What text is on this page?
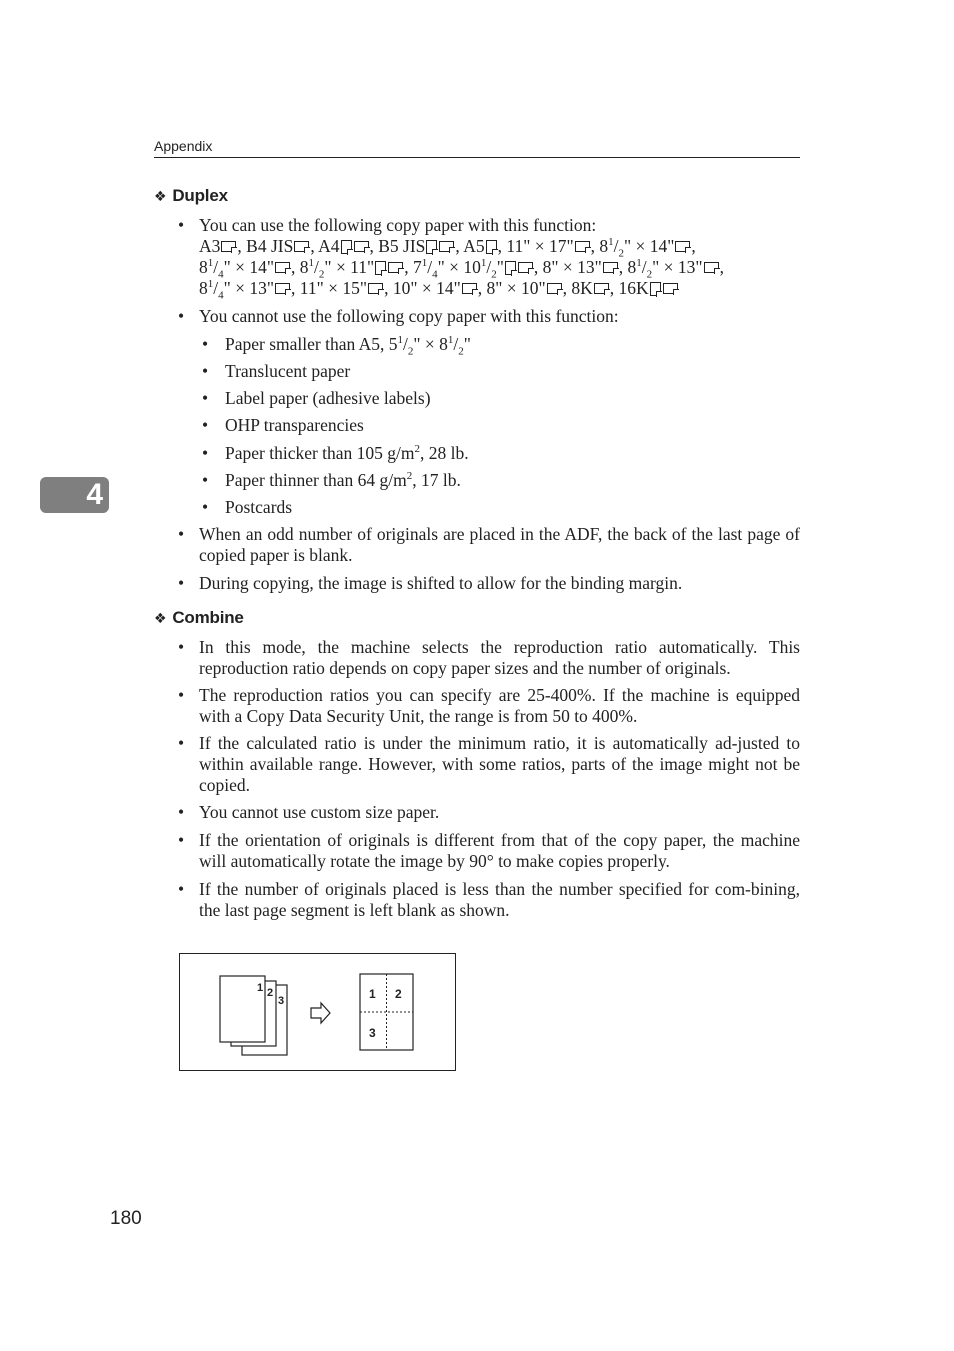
Appendix
4
❖ Duplex
• You can use the following copy paper with this function:
A3 , B4 JIS , A4 , B5 JIS , A5 , 11" × 17" , $8^1/_2$" × 14" ,
$8^1/_4$" × 14" , $8^1/_2$" × 11" , $7^1/_4$" × $10^1/_2$" , 8" × 13" , $8^1/_2$" × 13" ,
$8^1/_4$" × 13" , 11" × 15" , 10" × 14" , 8" × 10" , 8K , 16K
• You cannot use the following copy paper with this function:
• Paper smaller than A5, $5^1/_2$" × $8^1/_2$"
• Translucent paper
• Label paper (adhesive labels)
• OHP transparencies
• Paper thicker than 105 $g/m^2$, 28 lb.
• Paper thinner than 64 $g/m^2$, 17 lb.
• Postcards
• When an odd number of originals are placed in the ADF, the back of the last page of copied paper is blank.
• During copying, the image is shifted to allow for the binding margin.
❖ Combine
• In this mode, the machine selects the reproduction ratio automatically. This reproduction ratio depends on copy paper sizes and the number of originals.
• The reproduction ratios you can specify are 25-400%. If the machine is equipped with a Copy Data Security Unit, the range is from 50 to 400%.
• If the calculated ratio is under the minimum ratio, it is automatically ad-justed to within available range. However, with some ratios, parts of the image might not be copied.
• You cannot use custom size paper.
• If the orientation of originals is different from that of the copy paper, the machine will automatically rotate the image by 90° to make copies properly.
• If the number of originals placed is less than the number specified for com-bining, the last page segment is left blank as shown.
1 2
3	1 2
3
180
